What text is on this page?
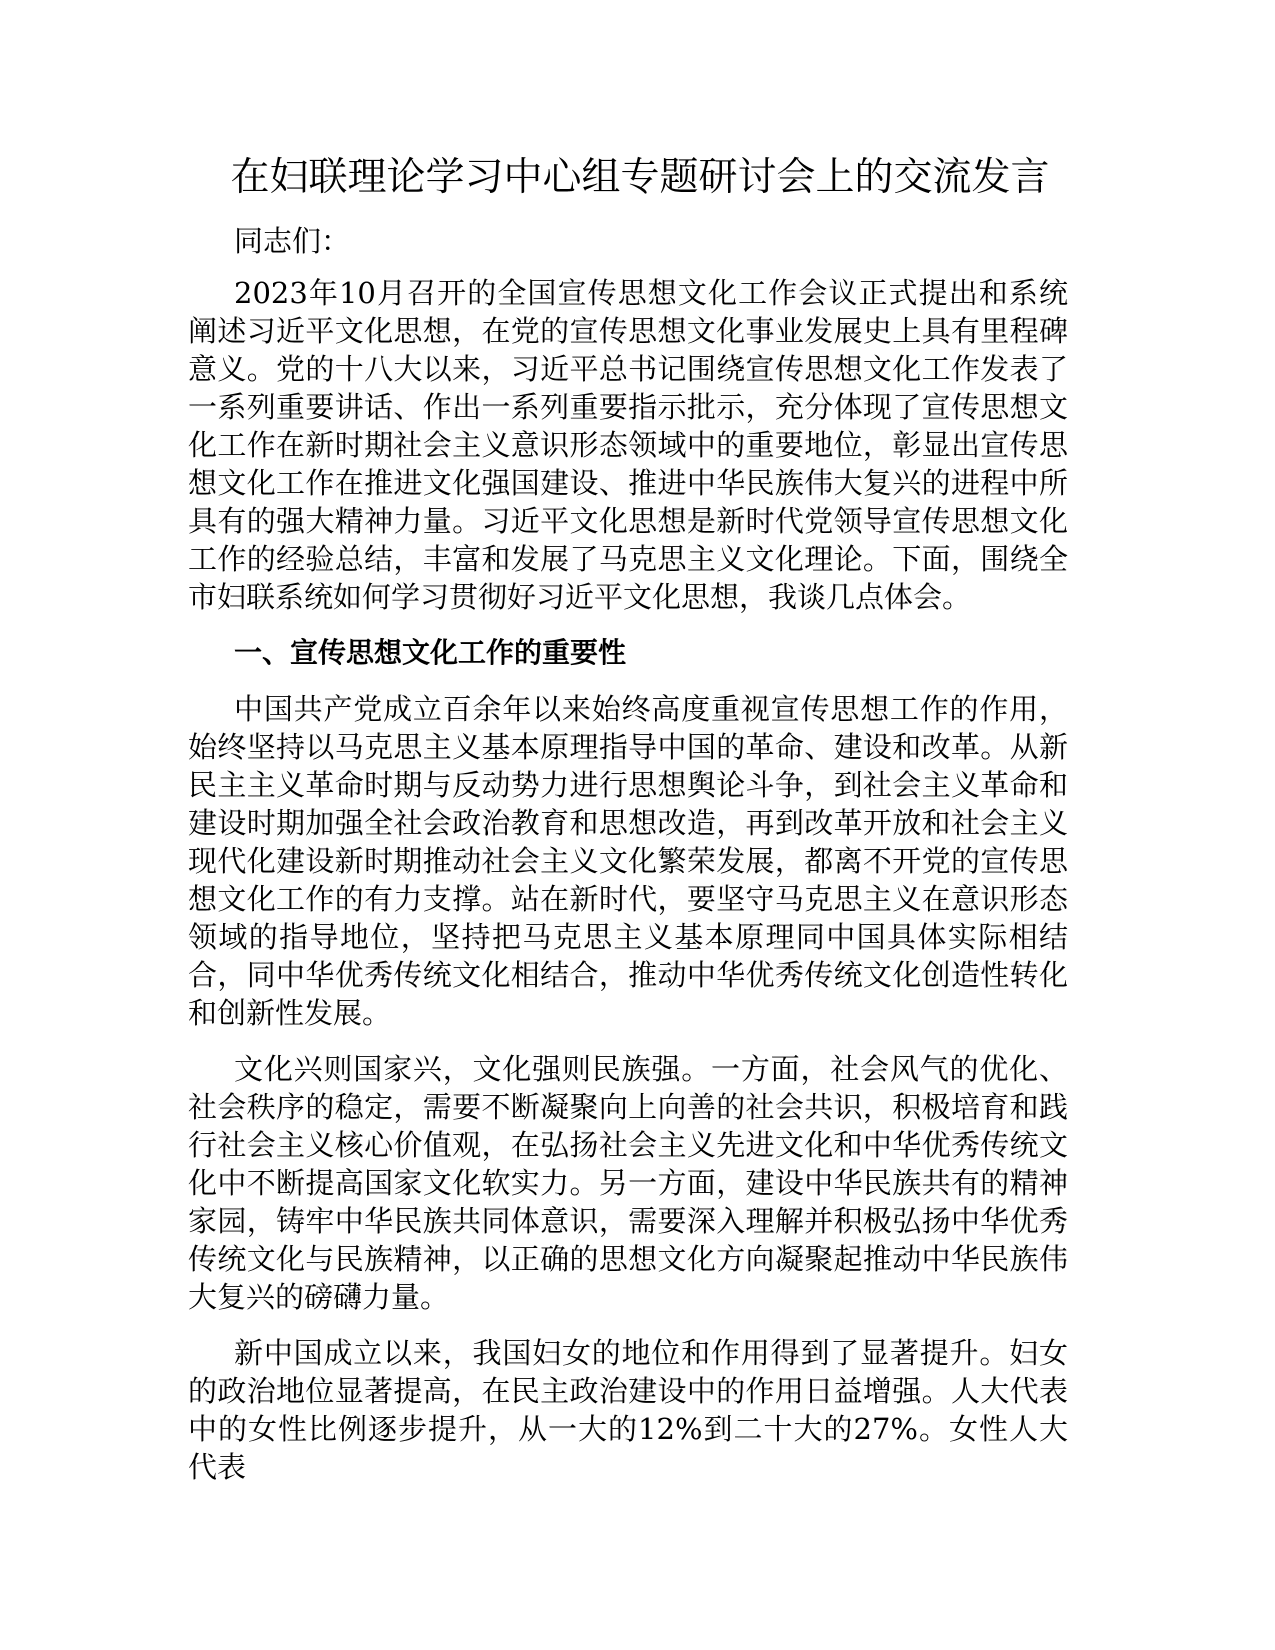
在妇联理论学习中心组专题研讨会上的交流发言

同志们：

2023年10月召开的全国宣传思想文化工作会议正式提出和系统阐述习近平文化思想，在党的宣传思想文化事业发展史上具有里程碑意义。党的十八大以来，习近平总书记围绕宣传思想文化工作发表了一系列重要讲话、作出一系列重要指示批示，充分体现了宣传思想文化工作在新时期社会主义意识形态领域中的重要地位，彰显出宣传思想文化工作在推进文化强国建设、推进中华民族伟大复兴的进程中所具有的强大精神力量。习近平文化思想是新时代党领导宣传思想文化工作的经验总结，丰富和发展了马克思主义文化理论。下面，围绕全市妇联系统如何学习贯彻好习近平文化思想，我谈几点体会。

一、宣传思想文化工作的重要性

中国共产党成立百余年以来始终高度重视宣传思想工作的作用，始终坚持以马克思主义基本原理指导中国的革命、建设和改革。从新民主主义革命时期与反动势力进行思想舆论斗争，到社会主义革命和建设时期加强全社会政治教育和思想改造，再到改革开放和社会主义现代化建设新时期推动社会主义文化繁荣发展，都离不开党的宣传思想文化工作的有力支撑。站在新时代，要坚守马克思主义在意识形态领域的指导地位，坚持把马克思主义基本原理同中国具体实际相结合，同中华优秀传统文化相结合，推动中华优秀传统文化创造性转化和创新性发展。

文化兴则国家兴，文化强则民族强。一方面，社会风气的优化、社会秩序的稳定，需要不断凝聚向上向善的社会共识，积极培育和践行社会主义核心价值观，在弘扬社会主义先进文化和中华优秀传统文化中不断提高国家文化软实力。另一方面，建设中华民族共有的精神家园，铸牢中华民族共同体意识，需要深入理解并积极弘扬中华优秀传统文化与民族精神，以正确的思想文化方向凝聚起推动中华民族伟大复兴的磅礴力量。

新中国成立以来，我国妇女的地位和作用得到了显著提升。妇女的政治地位显著提高，在民主政治建设中的作用日益增强。人大代表中的女性比例逐步提升，从一大的12%到二十大的27%。女性人大代表
